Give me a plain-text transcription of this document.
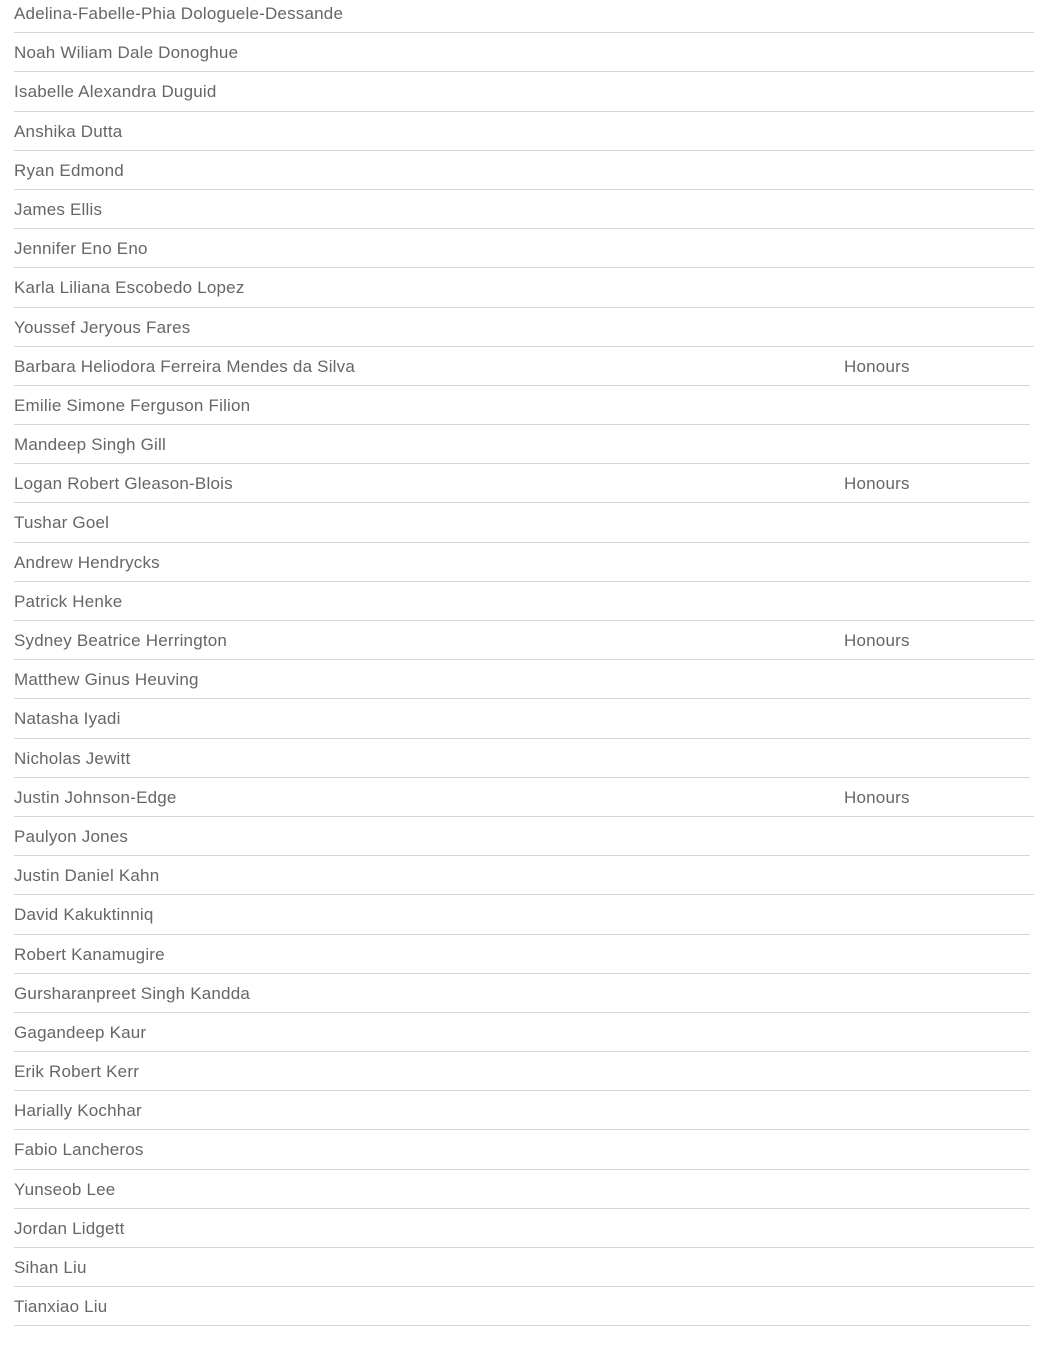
Adelina-Fabelle-Phia Dologuele-Dessande
Noah Wiliam Dale Donoghue
Isabelle Alexandra Duguid
Anshika Dutta
Ryan Edmond
James Ellis
Jennifer Eno Eno
Karla Liliana Escobedo Lopez
Youssef Jeryous Fares
Barbara Heliodora Ferreira Mendes da Silva	Honours
Emilie Simone Ferguson Filion
Mandeep Singh Gill
Logan Robert Gleason-Blois	Honours
Tushar Goel
Andrew Hendrycks
Patrick Henke
Sydney Beatrice Herrington	Honours
Matthew Ginus Heuving
Natasha Iyadi
Nicholas Jewitt
Justin Johnson-Edge	Honours
Paulyon Jones
Justin Daniel Kahn
David Kakuktinniq
Robert Kanamugire
Gursharanpreet Singh Kandda
Gagandeep Kaur
Erik Robert Kerr
Harially Kochhar
Fabio Lancheros
Yunseob Lee
Jordan Lidgett
Sihan Liu
Tianxiao Liu
